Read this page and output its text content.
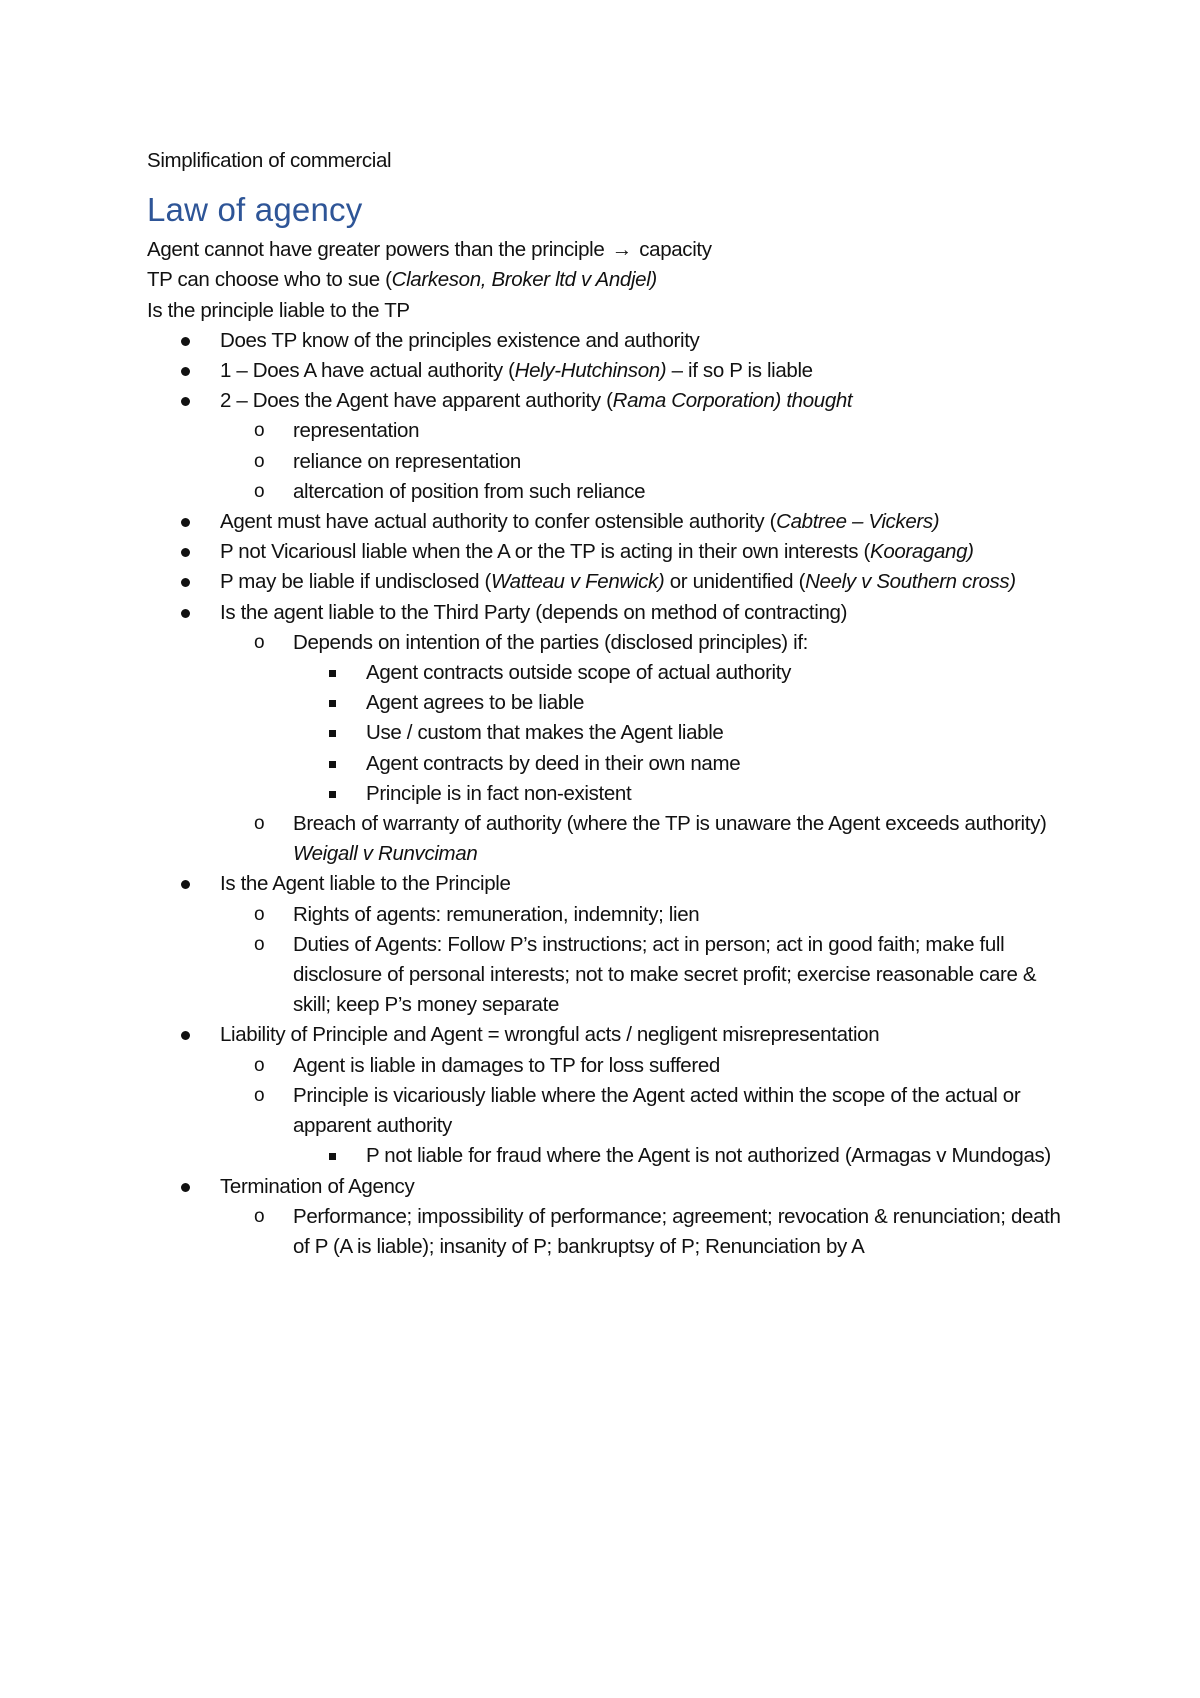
Simplification of commercial

Law of agency

Agent cannot have greater powers than the principle → capacity

TP can choose who to sue (Clarkeson, Broker ltd v Andjel)

Is the principle liable to the TP

Does TP know of the principles existence and authority
1 – Does A have actual authority (Hely-Hutchinson) – if so P is liable
2 – Does the Agent have apparent authority (Rama Corporation) thought
o representation
o reliance on representation
o altercation of position from such reliance
Agent must have actual authority to confer ostensible authority (Cabtree – Vickers)
P not Vicariousl liable when the A or the TP is acting in their own interests (Kooragang)
P may be liable if undisclosed (Watteau v Fenwick) or unidentified (Neely v Southern cross)
Is the agent liable to the Third Party (depends on method of contracting)
o Depends on intention of the parties (disclosed principles) if:
Agent contracts outside scope of actual authority
Agent agrees to be liable
Use / custom that makes the Agent liable
Agent contracts by deed in their own name
Principle is in fact non-existent
o Breach of warranty of authority (where the TP is unaware the Agent exceeds authority) Weigall v Runvciman
Is the Agent liable to the Principle
o Rights of agents: remuneration, indemnity; lien
o Duties of Agents: Follow P’s instructions; act in person; act in good faith; make full disclosure of personal interests; not to make secret profit; exercise reasonable care & skill; keep P’s money separate
Liability of Principle and Agent = wrongful acts / negligent misrepresentation
o Agent is liable in damages to TP for loss suffered
o Principle is vicariously liable where the Agent acted within the scope of the actual or apparent authority
P not liable for fraud where the Agent is not authorized (Armagas v Mundogas)
Termination of Agency
o Performance; impossibility of performance; agreement; revocation & renunciation; death of P (A is liable); insanity of P; bankruptsy of P; Renunciation by A
